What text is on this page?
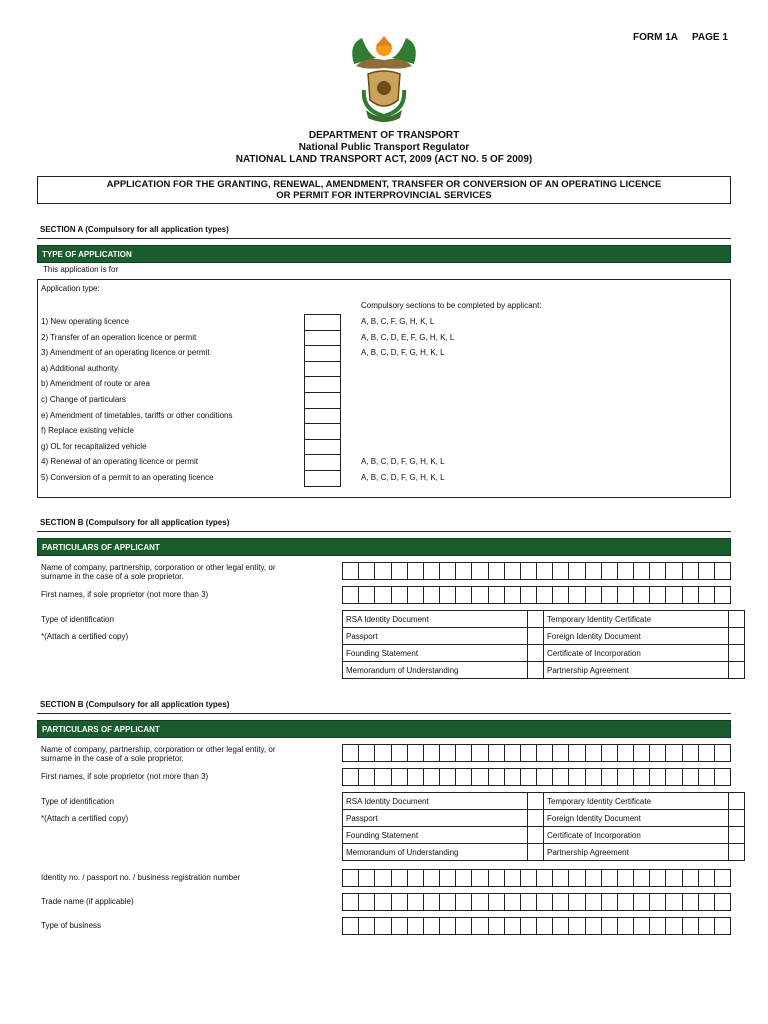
FORM 1A PAGE 1
DEPARTMENT OF TRANSPORT
National Public Transport Regulator
NATIONAL LAND TRANSPORT ACT, 2009 (ACT NO. 5 OF 2009)
APPLICATION FOR THE GRANTING, RENEWAL, AMENDMENT, TRANSFER OR CONVERSION OF AN OPERATING LICENCE
OR PERMIT FOR INTERPROVINCIAL SERVICES
SECTION A (Compulsory for all application types)
TYPE OF APPLICATION
This application is for
Application type:
Compulsory sections to be completed by applicant:
1) New operating licence	A, B, C, F, G, H, K, L
2) Transfer of an operation licence or permit	A, B, C, D, E, F, G, H, K, L
3) Amendment of an operating licence or permit	A, B, C, D, F, G, H, K, L
a) Additional authority
b) Amendment of route or area
c) Change of particulars
e) Amendment of timetables, tariffs or other conditions
f) Replace existing vehicle
g) OL for recapitalized vehicle
4) Renewal of an operating licence or permit	A, B, C, D, F, G, H, K, L
5) Conversion of a permit to an operating licence	A, B, C, D, F, G, H, K, L
SECTION B (Compulsory for all application types)
PARTICULARS OF APPLICANT
Name of company, partnership, corporation or other legal entity, or
surname in the case of a sole proprietor.
First names, if sole proprietor (not more than 3)
Type of identification
*(Attach a certified copy)
RSA Identity Document		Temporary Identity Certificate	
Passport		Foreign Identity Document	
Founding Statement		Certificate of Incorporation	
Memorandum of Understanding		Partnership Agreement	
SECTION B (Compulsory for all application types)
PARTICULARS OF APPLICANT
Name of company, partnership, corporation or other legal entity, or
surname in the case of a sole proprietor.
First names, if sole proprietor (not more than 3)
Type of identification
*(Attach a certified copy)
RSA Identity Document		Temporary Identity Certificate	
Passport		Foreign Identity Document	
Founding Statement		Certificate of Incorporation	
Memorandum of Understanding		Partnership Agreement	
Identity no. / passport no. / business registration number
Trade name (if applicable)
Type of business
